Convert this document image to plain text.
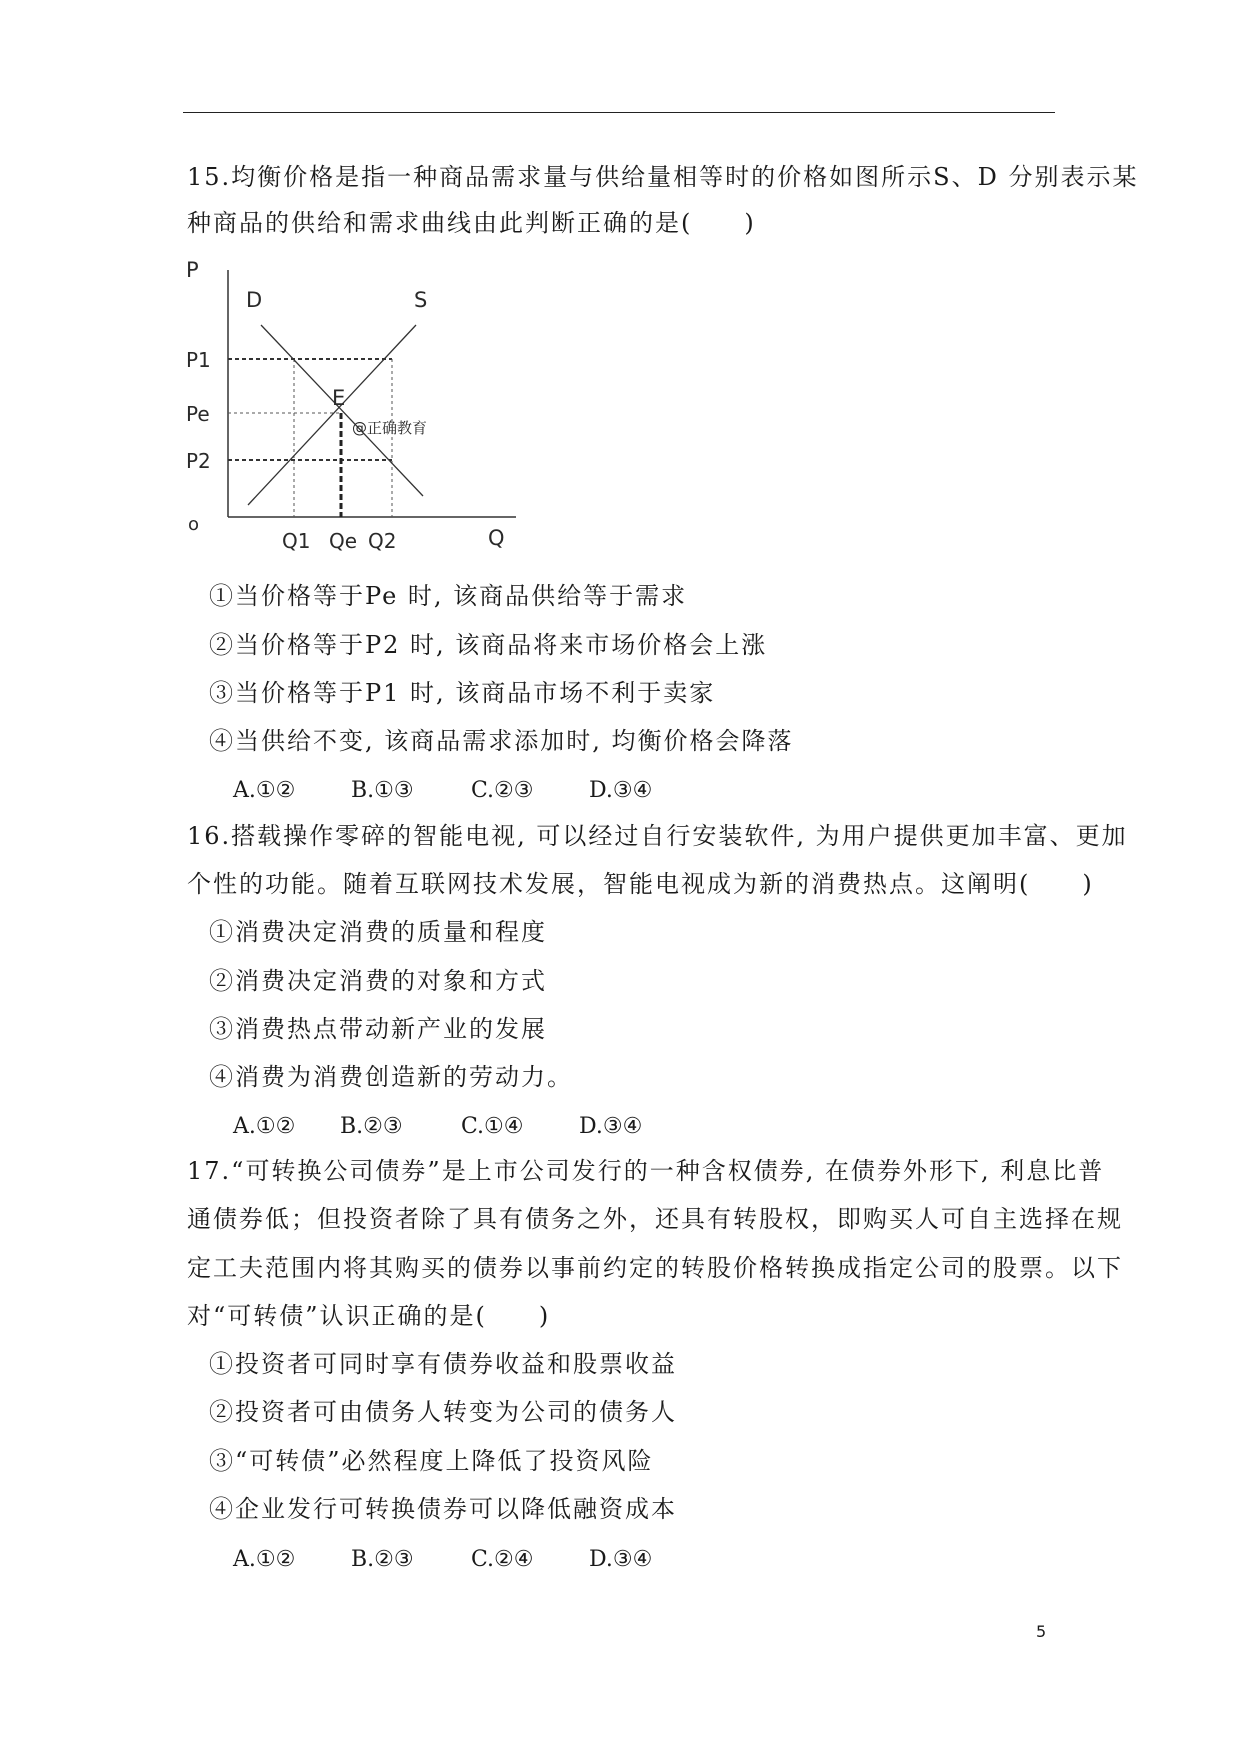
15.均衡价格是指一种商品需求量与供给量相等时的价格如图所示S、D 分别表示某
种商品的供给和需求曲线由此判断正确的是(　　)
P
Q
o
D	S
E
@正确教育
P1
Pe
P2
Q1 Qe Q2
①当价格等于Pe 时, 该商品供给等于需求
②当价格等于P2 时, 该商品将来市场价格会上涨
③当价格等于P1 时, 该商品市场不利于卖家
④当供给不变, 该商品需求添加时, 均衡价格会降落
A.①②	B.①③	C.②③	D.③④
16.搭载操作零碎的智能电视, 可以经过自行安装软件, 为用户提供更加丰富、更加
个性的功能。随着互联网技术发展，智能电视成为新的消费热点。这阐明(　　)
①消费决定消费的质量和程度
②消费决定消费的对象和方式
③消费热点带动新产业的发展
④消费为消费创造新的劳动力。
A.①② B.②③	C.①④	D.③④
17.“可转换公司债券”是上市公司发行的一种含权债券, 在债券外形下, 利息比普
通债券低；但投资者除了具有债务之外，还具有转股权，即购买人可自主选择在规
定工夫范围内将其购买的债券以事前约定的转股价格转换成指定公司的股票。以下
对“可转债”认识正确的是(　　)
①投资者可同时享有债券收益和股票收益
②投资者可由债务人转变为公司的债务人
③“可转债”必然程度上降低了投资风险
④企业发行可转换债券可以降低融资成本
A.①②	B.②③	C.②④	D.③④
5
